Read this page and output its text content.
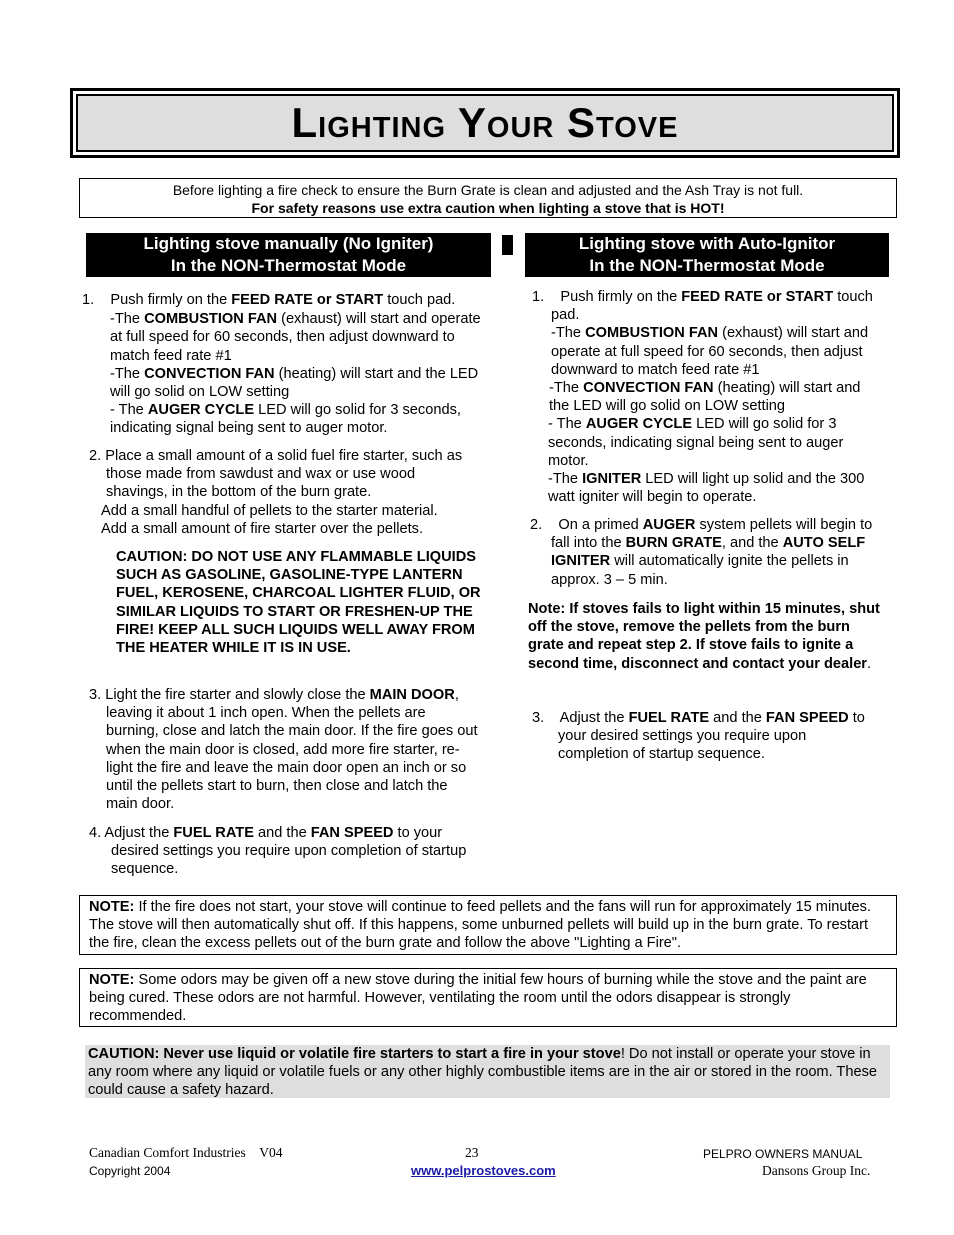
Lighting Your Stove
Before lighting a fire check to ensure the Burn Grate is clean and adjusted and the Ash Tray is not full.
For safety reasons use extra caution when lighting a stove that is HOT!
Lighting stove manually (No Igniter)
In the NON-Thermostat Mode
Lighting stove with Auto-Ignitor
In the NON-Thermostat Mode

1. Push firmly on the FEED RATE or START touch pad.

-The COMBUSTION FAN (exhaust) will start and operate at full speed for 60 seconds, then adjust downward to match feed rate #1

-The CONVECTION FAN (heating) will start and the LED will go solid on LOW setting

- The AUGER CYCLE LED will go solid for 3 seconds, indicating signal being sent to auger motor.

2. Place a small amount of a solid fuel fire starter, such as those made from sawdust and wax or use wood shavings, in the bottom of the burn grate.

Add a small handful of pellets to the starter material.

Add a small amount of fire starter over the pellets.

CAUTION: DO NOT USE ANY FLAMMABLE LIQUIDS SUCH AS GASOLINE, GASOLINE-TYPE LANTERN FUEL, KEROSENE, CHARCOAL LIGHTER FLUID, OR SIMILAR LIQUIDS TO START OR FRESHEN-UP THE FIRE! KEEP ALL SUCH LIQUIDS WELL AWAY FROM THE HEATER WHILE IT IS IN USE.

3. Light the fire starter and slowly close the MAIN DOOR, leaving it about 1 inch open. When the pellets are burning, close and latch the main door. If the fire goes out when the main door is closed, add more fire starter, re-light the fire and leave the main door open an inch or so until the pellets start to burn, then close and latch the main door.

4. Adjust the FUEL RATE and the FAN SPEED to your desired settings you require upon completion of startup sequence.

1. Push firmly on the FEED RATE or START touch pad.

-The COMBUSTION FAN (exhaust) will start and operate at full speed for 60 seconds, then adjust downward to match feed rate #1

-The CONVECTION FAN (heating) will start and the LED will go solid on LOW setting

- The AUGER CYCLE LED will go solid for 3 seconds, indicating signal being sent to auger motor.

-The IGNITER LED will light up solid and the 300 watt igniter will begin to operate.

2. On a primed AUGER system pellets will begin to fall into the BURN GRATE, and the AUTO SELF IGNITER will automatically ignite the pellets in approx. 3 – 5 min.

Note: If stoves fails to light within 15 minutes, shut off the stove, remove the pellets from the burn grate and repeat step 2. If stove fails to ignite a second time, disconnect and contact your dealer.

3. Adjust the FUEL RATE and the FAN SPEED to your desired settings you require upon completion of startup sequence.

NOTE: If the fire does not start, your stove will continue to feed pellets and the fans will run for approximately 15 minutes. The stove will then automatically shut off. If this happens, some unburned pellets will build up in the burn grate. To restart the fire, clean the excess pellets out of the burn grate and follow the above "Lighting a Fire".
NOTE: Some odors may be given off a new stove during the initial few hours of burning while the stove and the paint are being cured. These odors are not harmful. However, ventilating the room until the odors disappear is strongly recommended.
CAUTION: Never use liquid or volatile fire starters to start a fire in your stove! Do not install or operate your stove in any room where any liquid or volatile fuels or any other highly combustible items are in the air or stored in the room. These could cause a safety hazard.
Canadian Comfort Industries V04
Copyright 2004
23
www.pelprostoves.com
PELPRO OWNERS MANUAL
Dansons Group Inc.
